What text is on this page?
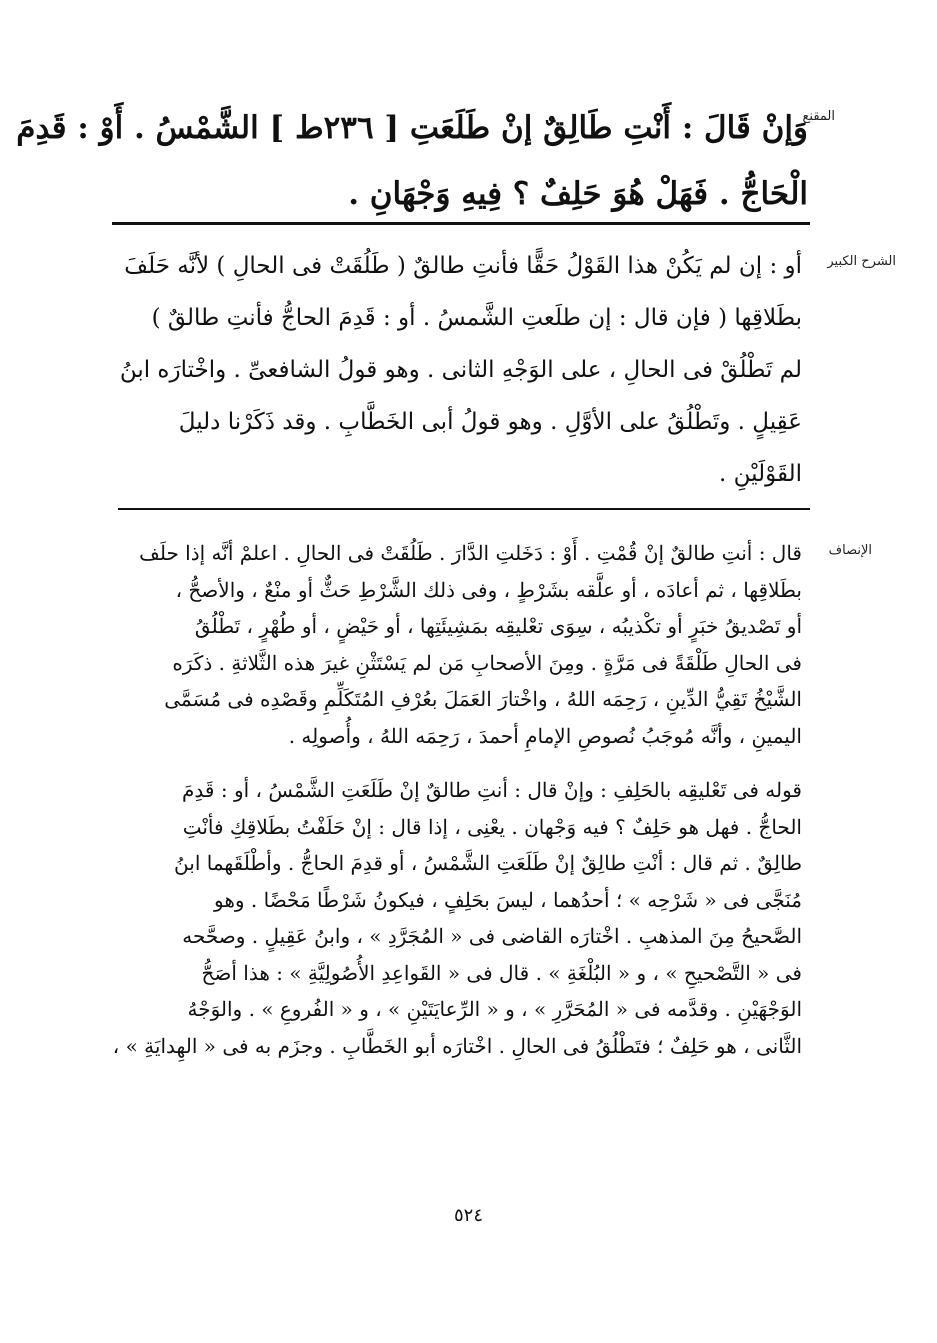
المقنع
وَإنْ قَالَ : أَنْتِ طَالِقٌ إنْ طَلَعَتِ [ ٢٣٦ط ] الشَّمْسُ . أَوْ : قَدِمَ
الْحَاجُّ . فَهَلْ هُوَ حَلِفٌ ؟ فِيهِ وَجْهَانِ .
الشرح الكبير
أو : إن لم يَكُنْ هذا القَوْلُ حَقًّا فأنتِ طالقٌ ( طَلُقَتْ فى الحالِ ) لأنَّه حَلَفَ
بطَلاقِها ( فإن قال : إن طلَعتِ الشَّمسُ . أو : قَدِمَ الحاجُّ فأنتِ طالقٌ )
لم تَطْلُقْ فى الحالِ ، على الوَجْهِ الثانى . وهو قولُ الشافعىِّ . واخْتارَه ابنُ
عَقِيلٍ . وتَطْلُقُ على الأوَّلِ . وهو قولُ أبى الخَطَّابِ . وقد ذَكَرْنا دليلَ
القَوْلَيْنِ .
الإنصاف
قال : أنتِ طالقٌ إنْ قُمْتِ . أَوْ : دَخَلتِ الدَّارَ . طَلُقَتْ فى الحالِ . اعلمْ أنَّه إذا حلَف
بطَلاقِها ، ثم أعادَه ، أو علَّقه بشَرْطٍ ، وفى ذلك الشَّرْطِ حَثٌّ أو منْعٌ ، والأصحُّ ،
أو تَصْديقُ خبَرٍ أو تكْذيبُه ، سِوَى تعْليقِه بمَشِيئَتِها ، أو حَيْضٍ ، أو طُهْرٍ ، تَطْلُقُ
فى الحالِ طَلْقَةً فى مَرَّةٍ . ومِنَ الأصحابِ مَن لم يَسْتَثْنِ غيرَ هذه الثَّلاثةِ . ذكَرَه
الشَّيْخُ تَقِيُّ الدِّينِ ، رَحِمَه اللهُ ، واخْتارَ العَمَلَ بعُرْفِ المُتَكَلِّمِ وقَصْدِه فى مُسَمَّى
اليمينِ ، وأنَّه مُوجَبُ نُصوصِ الإمامِ أحمدَ ، رَحِمَه اللهُ ، وأُصولِه .
قوله فى تَعْليقِه بالحَلِفِ : وإنْ قال : أنتِ طالقٌ إنْ طَلَعَتِ الشَّمْسُ ، أو : قَدِمَ
الحاجُّ . فهل هو حَلِفٌ ؟ فيه وَجْهان . يعْنِى ، إذا قال : إنْ حَلَفْتُ بطَلاقِكِ فأنْتِ
طالِقٌ . ثم قال : أنْتِ طالِقٌ إنْ طَلَعَتِ الشَّمْسُ ، أو قدِمَ الحاجُّ . وأطْلَقَهما ابنُ
مُنَجَّى فى « شَرْحِه » ؛ أحدُهما ، ليسَ بحَلِفٍ ، فيكونُ شَرْطًا مَحْضًا . وهو
الصَّحيحُ مِنَ المذهبِ . اخْتارَه القاضى فى « المُجَرَّدِ » ، وابنُ عَقِيلٍ . وصحَّحه
فى « التَّصْحيحِ » ، و « البُلْغَةِ » . قال فى « القَواعِدِ الأُصُولِيَّةِ » : هذا أصَحُّ
الوَجْهَيْنِ . وقدَّمه فى « المُحَرَّرِ » ، و « الرِّعايَتَيْنِ » ، و « الفُروعِ » . والوَجْهُ
الثَّانى ، هو حَلِفٌ ؛ فتَطْلُقُ فى الحالِ . اخْتارَه أبو الخَطَّابِ . وجزَم به فى « الهِدايَةِ » ،
٥٢٤
